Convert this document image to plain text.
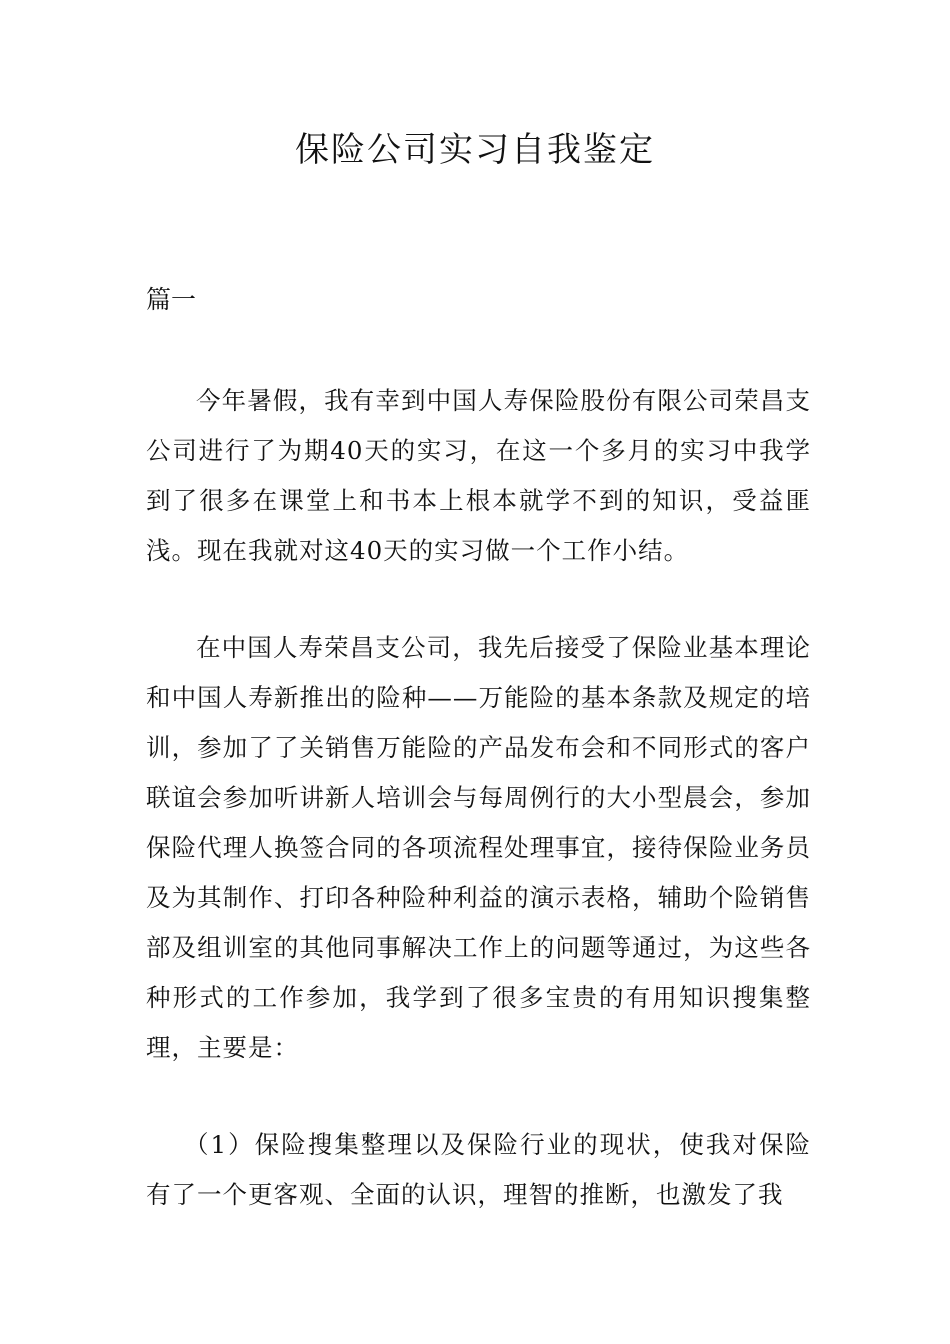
保险公司实习自我鉴定

篇一

今年暑假，我有幸到中国人寿保险股份有限公司荣昌支公司进行了为期40天的实习，在这一个多月的实习中我学到了很多在课堂上和书本上根本就学不到的知识，受益匪浅。现在我就对这40天的实习做一个工作小结。

在中国人寿荣昌支公司，我先后接受了保险业基本理论和中国人寿新推出的险种——万能险的基本条款及规定的培训，参加了了关销售万能险的产品发布会和不同形式的客户联谊会参加听讲新人培训会与每周例行的大小型晨会，参加保险代理人换签合同的各项流程处理事宜，接待保险业务员及为其制作、打印各种险种利益的演示表格，辅助个险销售部及组训室的其他同事解决工作上的问题等通过，为这些各种形式的工作参加，我学到了很多宝贵的有用知识搜集整理，主要是：

（1）保险搜集整理以及保险行业的现状，使我对保险有了一个更客观、全面的认识，理智的推断，也激发了我
